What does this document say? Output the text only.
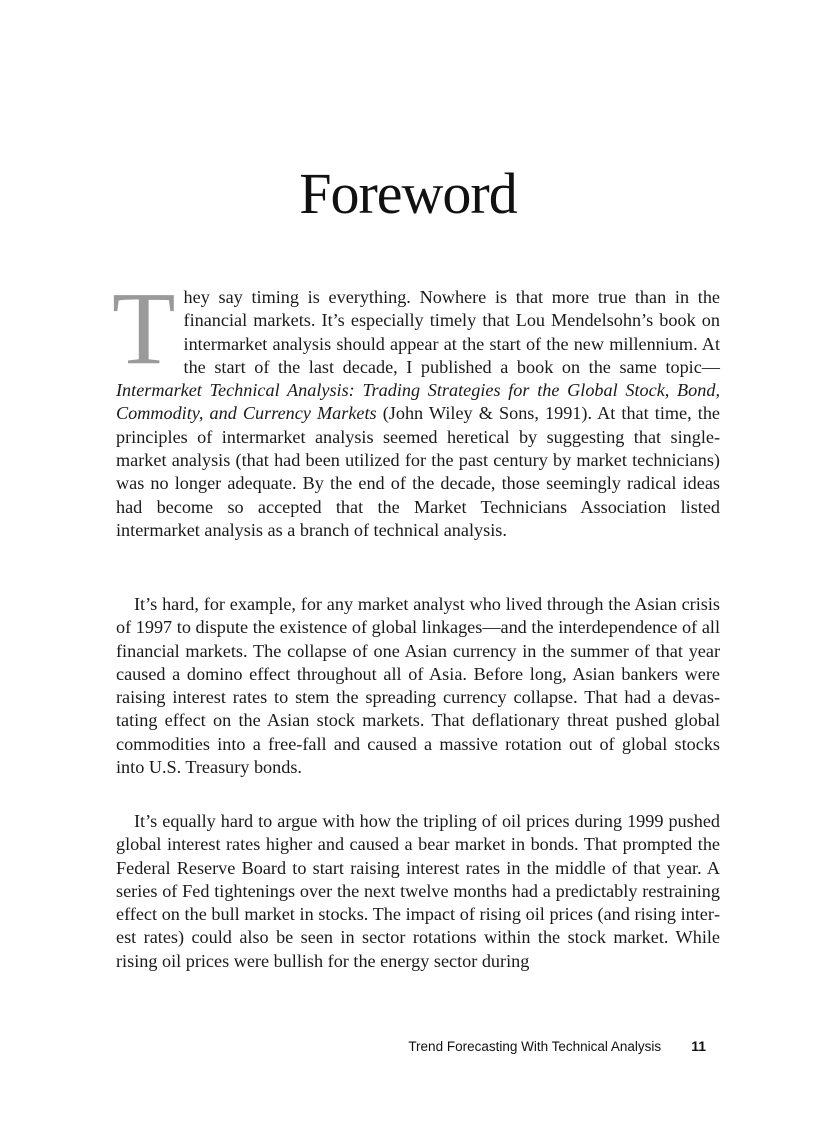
Foreword
They say timing is everything. Nowhere is that more true than in the financial markets. It’s especially timely that Lou Mendelsohn’s book on intermarket analysis should appear at the start of the new millennium. At the start of the last decade, I published a book on the same topic—Intermarket Technical Analysis: Trading Strategies for the Global Stock, Bond, Commodity, and Currency Markets (John Wiley & Sons, 1991). At that time, the principles of intermarket analysis seemed heretical by suggesting that single-market analysis (that had been utilized for the past century by market technicians) was no longer adequate. By the end of the decade, those seemingly radical ideas had become so accepted that the Market Technicians Association listed intermarket analysis as a branch of technical analysis.
It’s hard, for example, for any market analyst who lived through the Asian crisis of 1997 to dispute the existence of global linkages—and the interdependence of all financial markets. The collapse of one Asian currency in the summer of that year caused a domino effect throughout all of Asia. Before long, Asian bankers were raising interest rates to stem the spreading currency collapse. That had a devastating effect on the Asian stock markets. That deflationary threat pushed global commodities into a free-fall and caused a massive rotation out of global stocks into U.S. Treasury bonds.
It’s equally hard to argue with how the tripling of oil prices during 1999 pushed global interest rates higher and caused a bear market in bonds. That prompted the Federal Reserve Board to start raising interest rates in the middle of that year. A series of Fed tightenings over the next twelve months had a predictably restraining effect on the bull market in stocks. The impact of rising oil prices (and rising interest rates) could also be seen in sector rotations within the stock market. While rising oil prices were bullish for the energy sector during
Trend Forecasting With Technical Analysis 11
